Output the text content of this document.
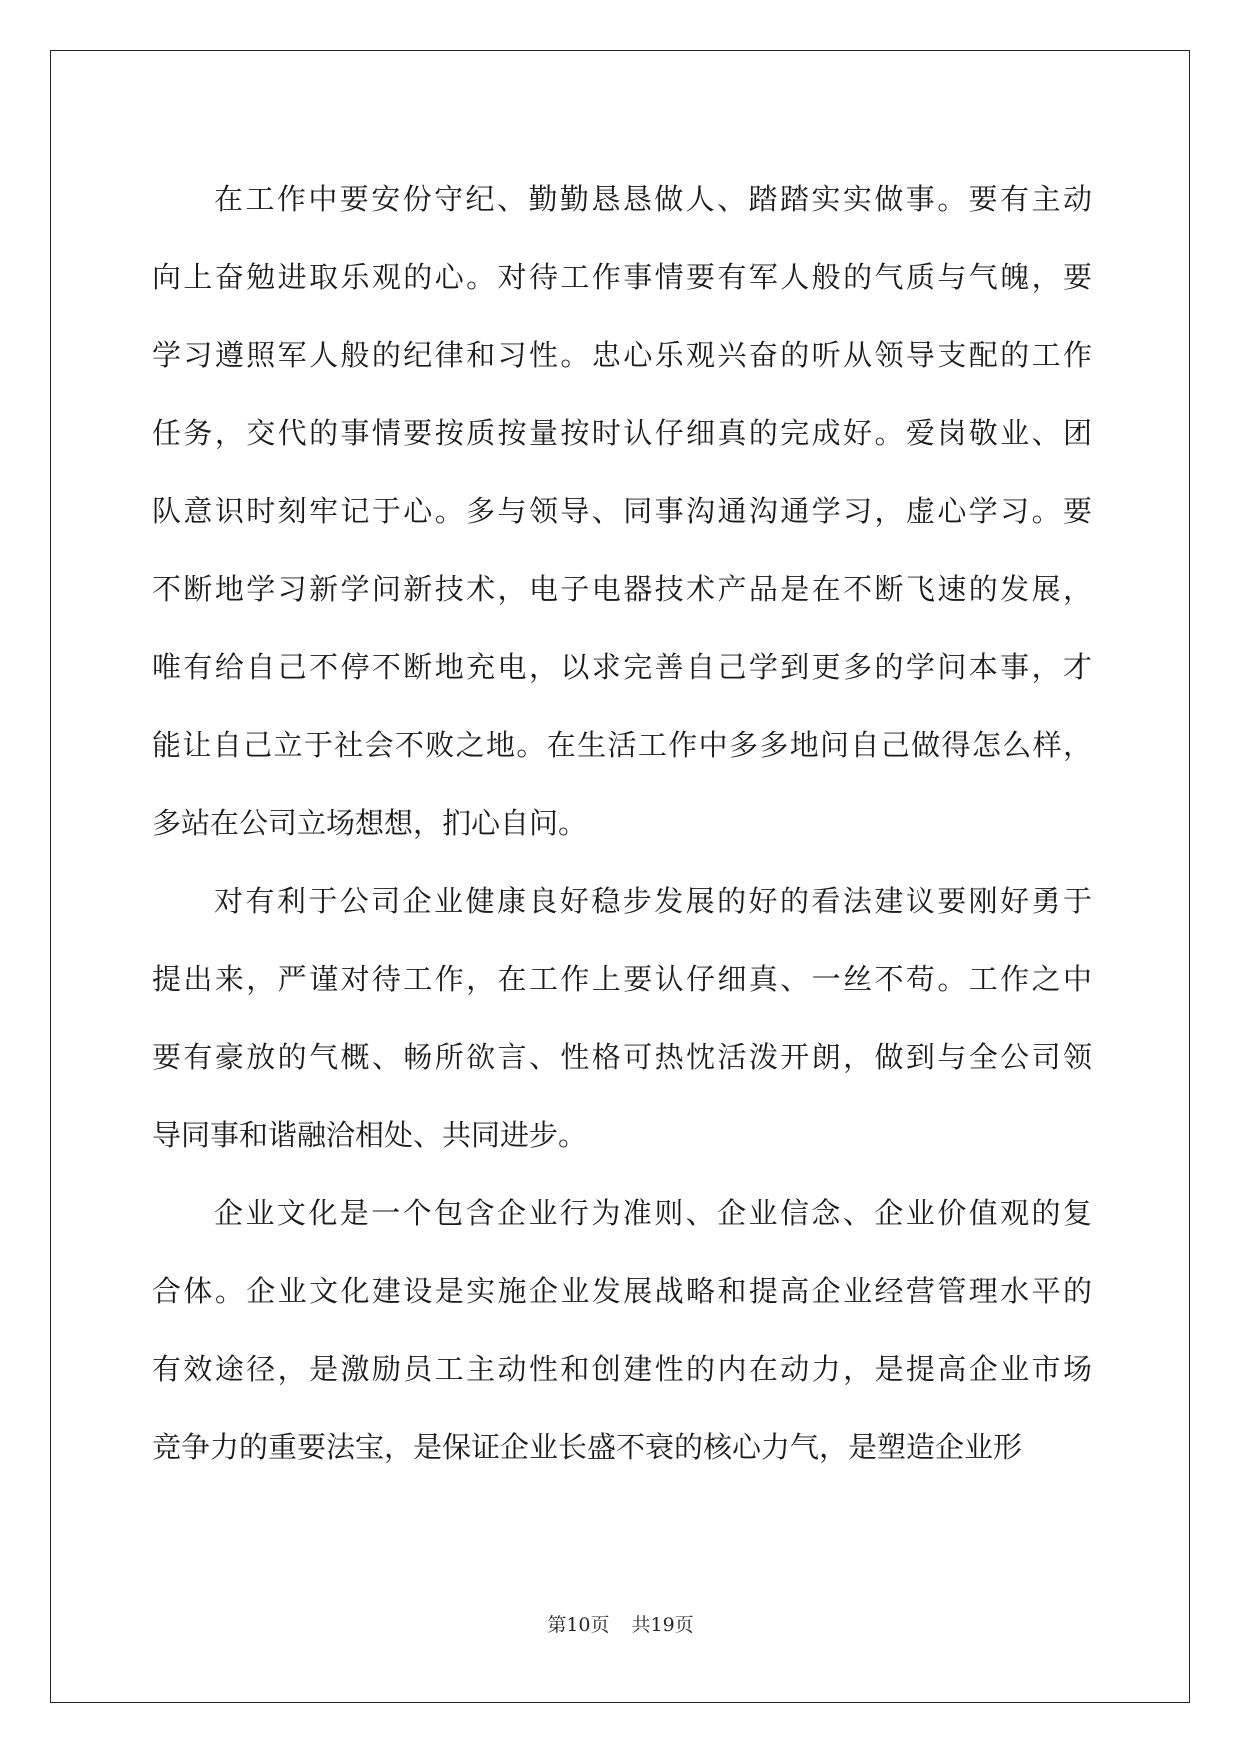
在工作中要安份守纪、勤勤恳恳做人、踏踏实实做事。要有主动
向上奋勉进取乐观的心。对待工作事情要有军人般的气质与气魄，要
学习遵照军人般的纪律和习性。忠心乐观兴奋的听从领导支配的工作
任务，交代的事情要按质按量按时认仔细真的完成好。爱岗敬业、团
队意识时刻牢记于心。多与领导、同事沟通沟通学习，虚心学习。要
不断地学习新学问新技术，电子电器技术产品是在不断飞速的发展，
唯有给自己不停不断地充电，以求完善自己学到更多的学问本事，才
能让自己立于社会不败之地。在生活工作中多多地问自己做得怎么样，
多站在公司立场想想，扪心自问。
对有利于公司企业健康良好稳步发展的好的看法建议要刚好勇于
提出来，严谨对待工作，在工作上要认仔细真、一丝不苟。工作之中
要有豪放的气概、畅所欲言、性格可热忱活泼开朗，做到与全公司领
导同事和谐融洽相处、共同进步。
企业文化是一个包含企业行为准则、企业信念、企业价值观的复
合体。企业文化建设是实施企业发展战略和提高企业经营管理水平的
有效途径，是激励员工主动性和创建性的内在动力，是提高企业市场
竞争力的重要法宝，是保证企业长盛不衰的核心力气，是塑造企业形
第10页 共19页
